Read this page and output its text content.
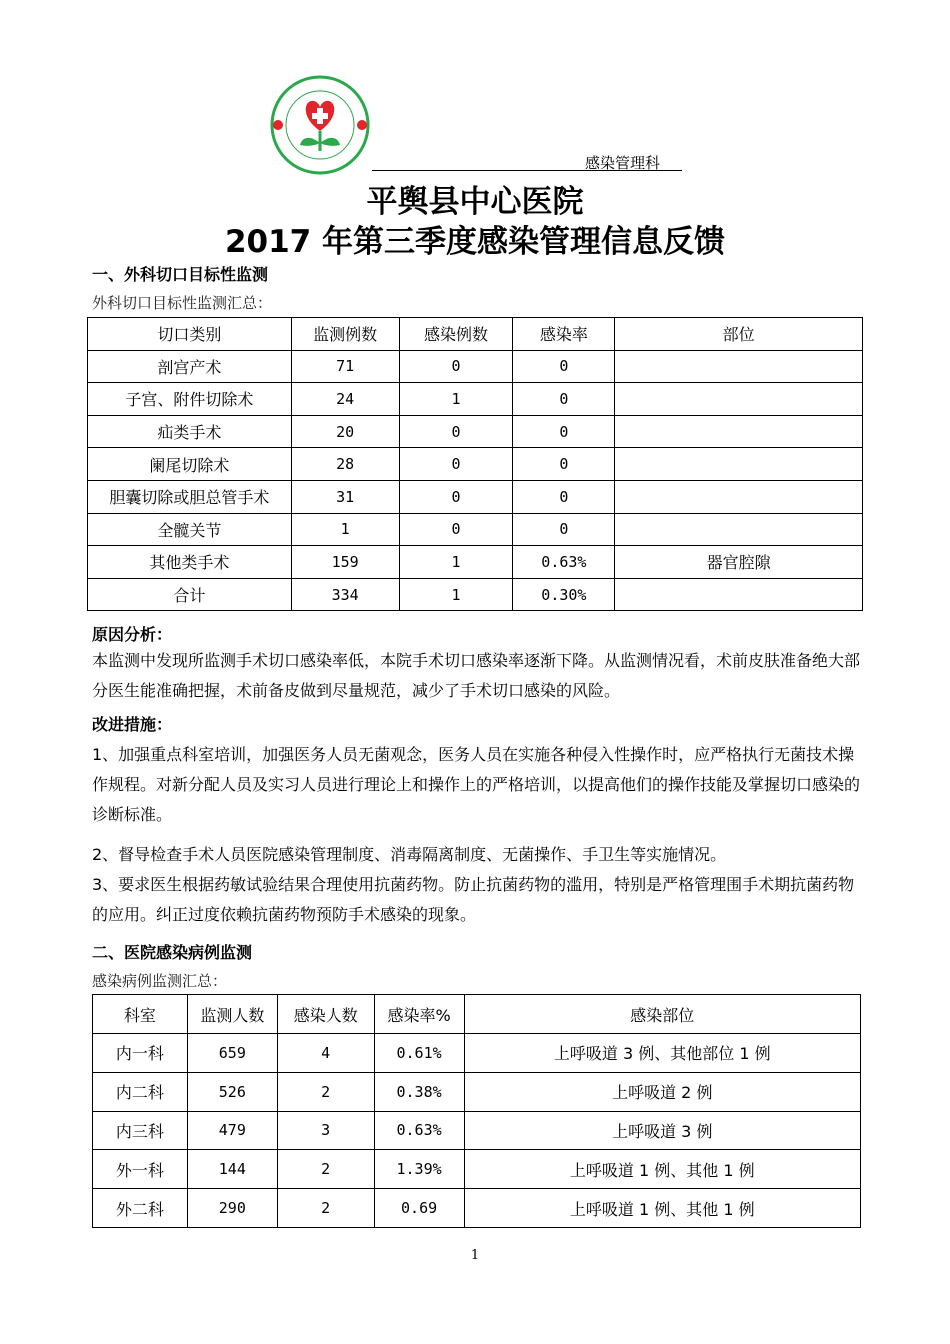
感染管理科
平舆县中心医院
2017 年第三季度感染管理信息反馈
一、外科切口目标性监测
外科切口目标性监测汇总：
切口类别	监测例数	感染例数	感染率	部位
剖宫产术	71	0	0	
子宫、附件切除术	24	1	0	
疝类手术	20	0	0	
阑尾切除术	28	0	0	
胆囊切除或胆总管手术	31	0	0	
全髋关节	1	0	0	
其他类手术	159	1	0.63%	器官腔隙
合计	334	1	0.30%	
原因分析：
本监测中发现所监测手术切口感染率低，本院手术切口感染率逐渐下降。从监测情况看，术前皮肤准备绝大部分医生能准确把握，术前备皮做到尽量规范，减少了手术切口感染的风险。
改进措施：
1、加强重点科室培训，加强医务人员无菌观念，医务人员在实施各种侵入性操作时，应严格执行无菌技术操作规程。对新分配人员及实习人员进行理论上和操作上的严格培训，以提高他们的操作技能及掌握切口感染的诊断标准。
2、督导检查手术人员医院感染管理制度、消毒隔离制度、无菌操作、手卫生等实施情况。
3、要求医生根据药敏试验结果合理使用抗菌药物。防止抗菌药物的滥用，特别是严格管理围手术期抗菌药物的应用。纠正过度依赖抗菌药物预防手术感染的现象。
二、医院感染病例监测
感染病例监测汇总：
科室	监测人数	感染人数	感染率%	感染部位
内一科	659	4	0.61%	上呼吸道 3 例、其他部位 1 例
内二科	526	2	0.38%	上呼吸道 2 例
内三科	479	3	0.63%	上呼吸道 3 例
外一科	144	2	1.39%	上呼吸道 1 例、其他 1 例
外二科	290	2	0.69	上呼吸道 1 例、其他 1 例
1
